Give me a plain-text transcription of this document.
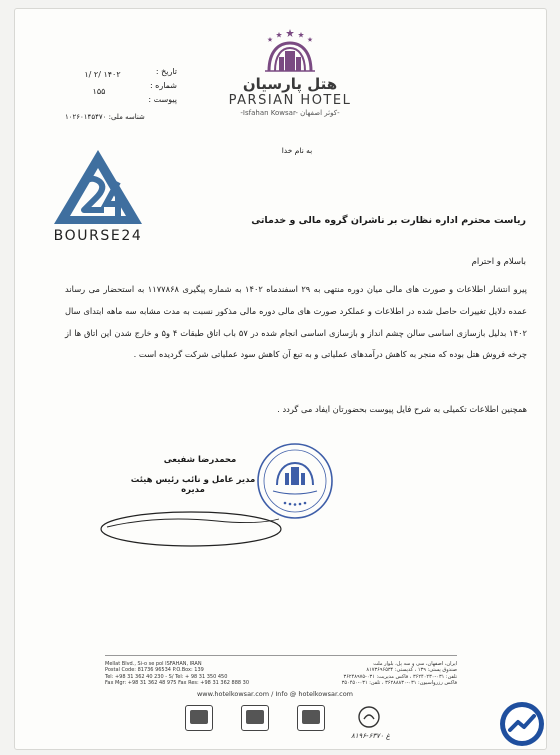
تاریخ :
شماره :
پیوست :
۱۴۰۲ /۲ /۱
۱۵۵
شناسه ملی: ۱۰۲۶۰۱۴۵۴۷۰
هتل پارسیان
PARSIAN HOTEL
-Isfahan Kowsar- کوثر اصفهان-
به نام خدا
BOURSE24
ریاست محترم اداره نظارت بر ناشران گروه مالی و خدماتی
باسلام و احترام
پیرو انتشار اطلاعات و صورت های مالی میان دوره منتهی به ۲۹ اسفندماه ۱۴۰۲ به شماره پیگیری ۱۱۷۷۸۶۸ به استحضار می رساند عمده دلایل تغییرات حاصل شده در اطلاعات و عملکرد صورت های مالی دوره مالی مذکور نسبت به مدت مشابه سه ماهه ابتدای سال ۱۴۰۲ بدلیل بازسازی اساسی سالن چشم انداز و بازسازی اساسی انجام شده در ۵۷ باب اتاق طبقات ۴ و۵ و خارج شدن این اتاق ها از چرخه فروش هتل بوده که منجر به کاهش درآمدهای عملیاتی و به تبع آن کاهش سود عملیاتی شرکت گردیده است .
همچنین اطلاعات تکمیلی به شرح فایل پیوست بحضورتان ایفاد می گردد .
محمدرضا شفیعی
مدیر عامل و نائب رئیس هیئت مدیره
Mellat Blvd., Si-o se pol ISFAHAN, IRAN
Postal Code: 81736 96534 P.O.Box: 139
Tel: +98 31 362 40 230 - S/ Tel: + 98 31 350 450
Fax Mgr: +98 31 362 48 975 Fax Res: +98 31 362 888 30
ایران، اصفهان، سی و سه پل، بلوار ملت
صندوق پستی: ۱۳۹ ، کدپستی: ۸۱۷۳۶۹۶۵۳۴
تلفن: ۰۳۱-۳۶۲۴۰۲۳۰ ، فاکس مدیریت: ۰۳۱-۳۶۲۴۸۹۷۵
فاکس رزرواسیون: ۰۳۱-۳۶۲۸۸۸۳۰ ، تلفن: ۰۳۱-۳۵۰۴۵۰
www.hotelkowsar.com / Info @ hotelkowsar.com
غ ۶۳۷۰-۸۱۹۶
